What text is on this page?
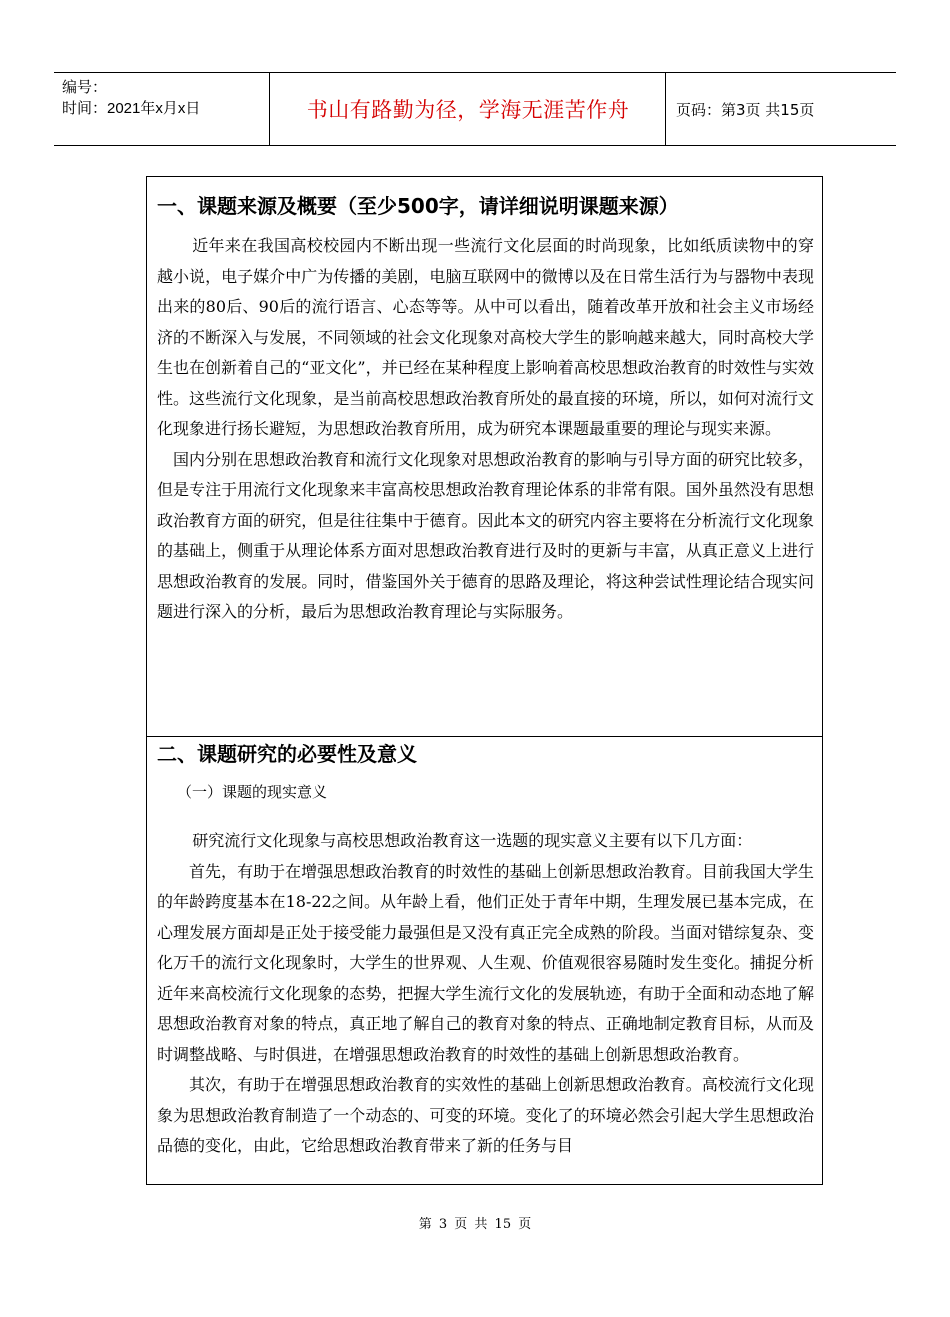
编号：
时间：2021年x月x日	书山有路勤为径，学海无涯苦作舟	页码：第3页 共15页
一、课题来源及概要（至少500字，请详细说明课题来源）

近年来在我国高校校园内不断出现一些流行文化层面的时尚现象，比如纸质读物中的穿越小说，电子媒介中广为传播的美剧，电脑互联网中的微博以及在日常生活行为与器物中表现出来的80后、90后的流行语言、心态等等。从中可以看出，随着改革开放和社会主义市场经济的不断深入与发展，不同领域的社会文化现象对高校大学生的影响越来越大，同时高校大学生也在创新着自己的“亚文化”，并已经在某种程度上影响着高校思想政治教育的时效性与实效性。这些流行文化现象，是当前高校思想政治教育所处的最直接的环境，所以，如何对流行文化现象进行扬长避短，为思想政治教育所用，成为研究本课题最重要的理论与现实来源。

国内分别在思想政治教育和流行文化现象对思想政治教育的影响与引导方面的研究比较多，但是专注于用流行文化现象来丰富高校思想政治教育理论体系的非常有限。国外虽然没有思想政治教育方面的研究，但是往往集中于德育。因此本文的研究内容主要将在分析流行文化现象的基础上，侧重于从理论体系方面对思想政治教育进行及时的更新与丰富，从真正意义上进行思想政治教育的发展。同时，借鉴国外关于德育的思路及理论，将这种尝试性理论结合现实问题进行深入的分析，最后为思想政治教育理论与实际服务。

二、课题研究的必要性及意义
（一）课题的现实意义

研究流行文化现象与高校思想政治教育这一选题的现实意义主要有以下几方面：

首先，有助于在增强思想政治教育的时效性的基础上创新思想政治教育。目前我国大学生的年龄跨度基本在18-22之间。从年龄上看，他们正处于青年中期，生理发展已基本完成，在心理发展方面却是正处于接受能力最强但是又没有真正完全成熟的阶段。当面对错综复杂、变化万千的流行文化现象时，大学生的世界观、人生观、价值观很容易随时发生变化。捕捉分析近年来高校流行文化现象的态势，把握大学生流行文化的发展轨迹，有助于全面和动态地了解思想政治教育对象的特点，真正地了解自己的教育对象的特点、正确地制定教育目标，从而及时调整战略、与时俱进，在增强思想政治教育的时效性的基础上创新思想政治教育。

其次，有助于在增强思想政治教育的实效性的基础上创新思想政治教育。高校流行文化现象为思想政治教育制造了一个动态的、可变的环境。变化了的环境必然会引起大学生思想政治品德的变化，由此，它给思想政治教育带来了新的任务与目

第 3 页 共 15 页
